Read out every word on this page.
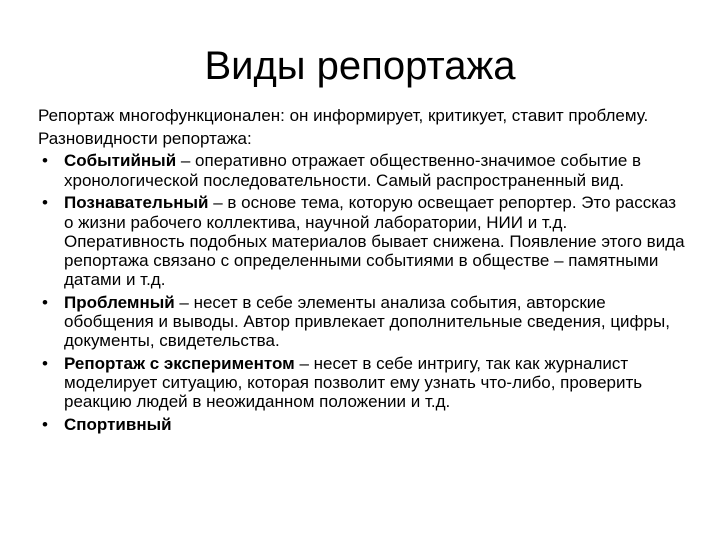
Виды репортажа

Репортаж многофункционален: он информирует, критикует, ставит проблему.

Разновидности репортажа:

• Событийный – оперативно отражает общественно-значимое событие в хронологической последовательности. Самый распространенный вид.
• Познавательный – в основе тема, которую освещает репортер. Это рассказ о жизни рабочего коллектива, научной лаборатории, НИИ и т.д. Оперативность подобных материалов бывает снижена. Появление этого вида репортажа связано с определенными событиями в обществе – памятными датами и т.д.
• Проблемный – несет в себе элементы анализа события, авторские обобщения и выводы. Автор привлекает дополнительные сведения, цифры, документы, свидетельства.
• Репортаж с экспериментом – несет в себе интригу, так как журналист моделирует ситуацию, которая позволит ему узнать что-либо, проверить реакцию людей в неожиданном положении и т.д.
• Спортивный
